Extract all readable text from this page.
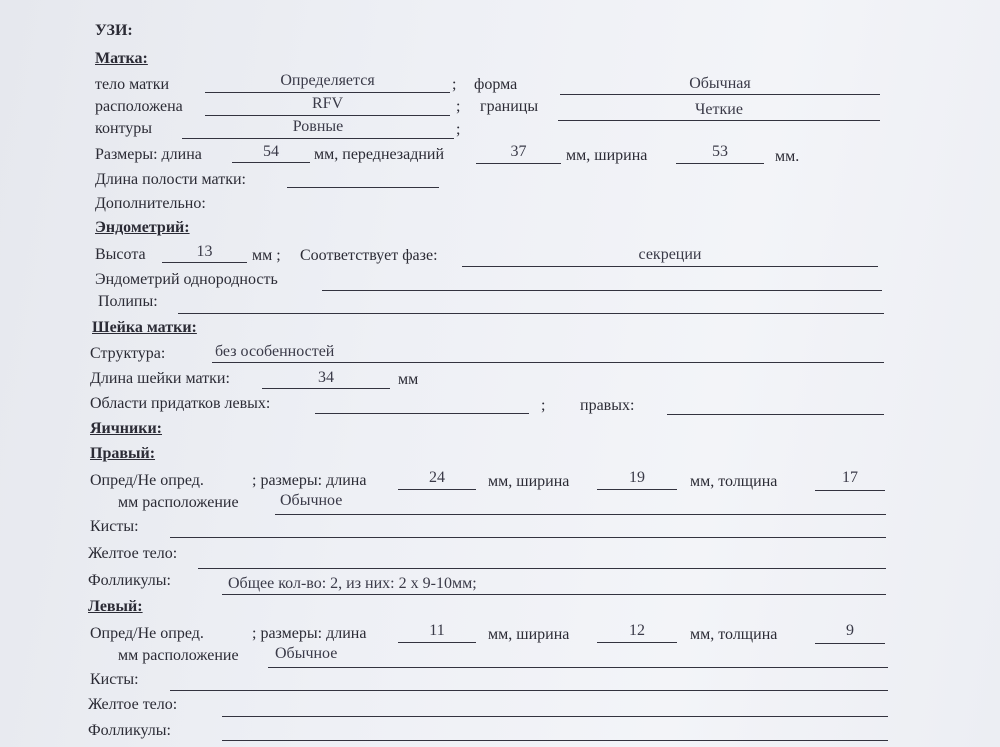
УЗИ:
Матка:
тело матки	Определяется	; форма	Обычная
расположена	RFV	; границы	Четкие
контуры	Ровные	;
Размеры: длина	54	мм, переднезадний	37	мм, ширина	53	мм.
Длина полости матки:
Дополнительно:
Эндометрий:
Высота	13	мм ; Соответствует фазе:	секреции
Эндометрий однородность
Полипы:
Шейка матки:
Структура:	без особенностей
Длина шейки матки:	34	мм
Области придатков левых:	; правых:
Яичники:
Правый:
Опред/Не опред.	; размеры: длина	24	мм, ширина	19	мм, толщина	17
мм расположение	Обычное
Кисты:
Желтое тело:
Фолликулы:	Общее кол-во: 2, из них: 2 х 9-10мм;
Левый:
Опред/Не опред.	; размеры: длина	11	мм, ширина	12	мм, толщина	9
мм расположение Обычное
Кисты:
Желтое тело:
Фолликулы:
